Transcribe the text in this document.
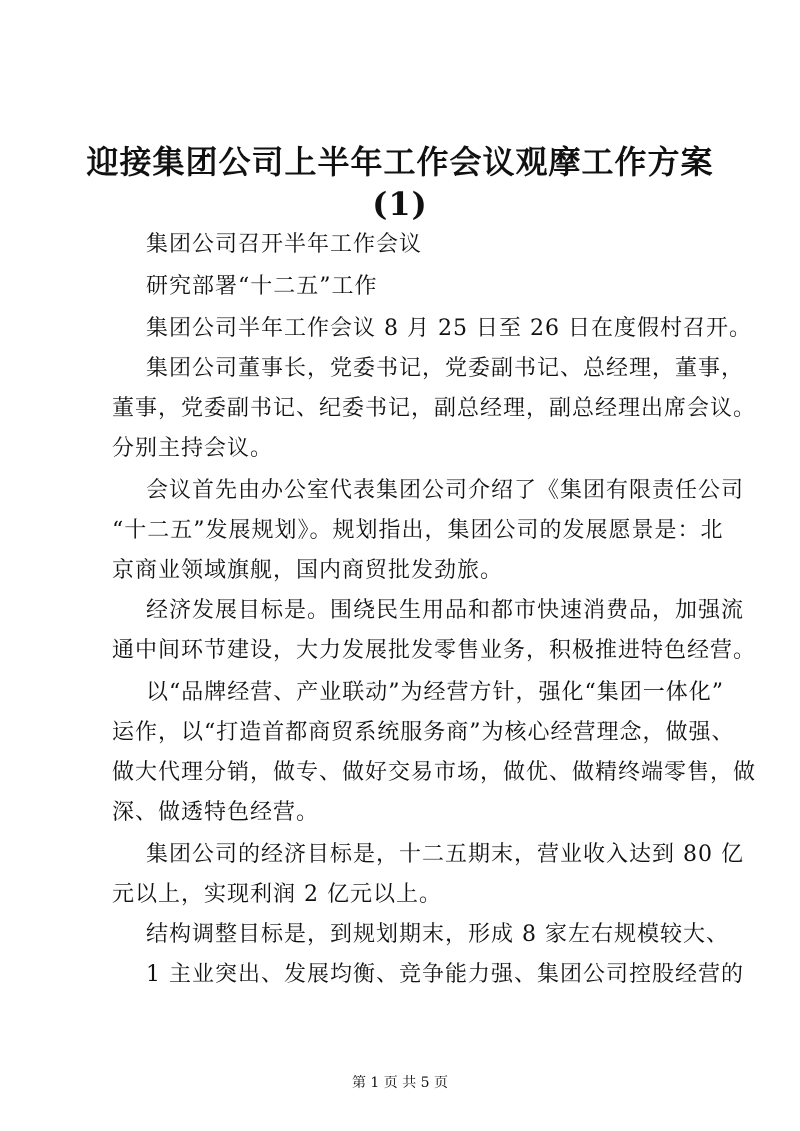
迎接集团公司上半年工作会议观摩工作方案
(1)
集团公司召开半年工作会议
研究部署“十二五”工作
集团公司半年工作会议 8 月 25 日至 26 日在度假村召开。
集团公司董事长，党委书记，党委副书记、总经理，董事，
董事，党委副书记、纪委书记，副总经理，副总经理出席会议。
分别主持会议。
会议首先由办公室代表集团公司介绍了《集团有限责任公司
“十二五”发展规划》。规划指出，集团公司的发展愿景是：北
京商业领域旗舰，国内商贸批发劲旅。
经济发展目标是。围绕民生用品和都市快速消费品，加强流
通中间环节建设，大力发展批发零售业务，积极推进特色经营。
以“品牌经营、产业联动”为经营方针，强化“集团一体化”
运作，以“打造首都商贸系统服务商”为核心经营理念，做强、
做大代理分销，做专、做好交易市场，做优、做精终端零售，做
深、做透特色经营。
集团公司的经济目标是，十二五期末，营业收入达到 80 亿
元以上，实现利润 2 亿元以上。
结构调整目标是，到规划期末，形成 8 家左右规模较大、
1 主业突出、发展均衡、竞争能力强、集团公司控股经营的
第 1 页 共 5 页
